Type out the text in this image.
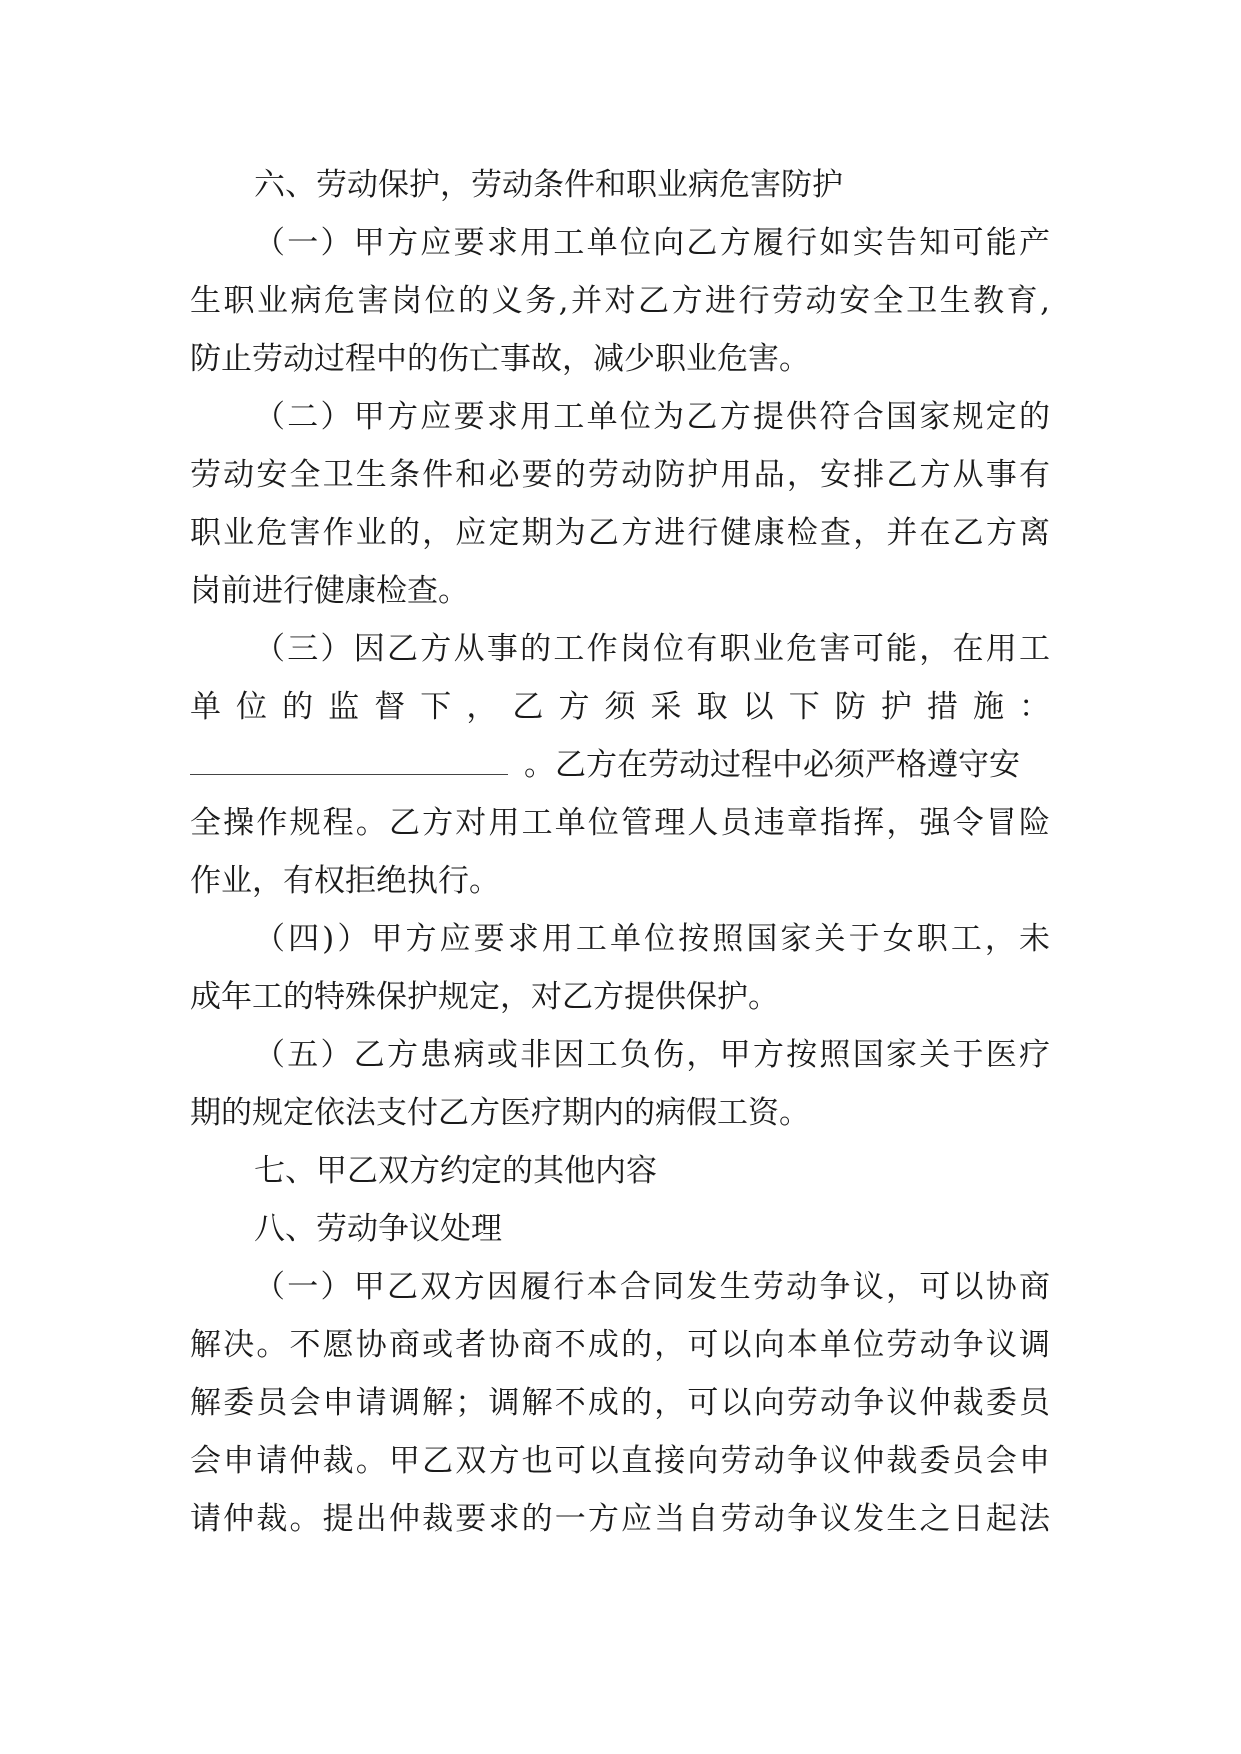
六、劳动保护，劳动条件和职业病危害防护
（一）甲方应要求用工单位向乙方履行如实告知可能产
生职业病危害岗位的义务,并对乙方进行劳动安全卫生教育,
防止劳动过程中的伤亡事故，减少职业危害。
（二）甲方应要求用工单位为乙方提供符合国家规定的
劳动安全卫生条件和必要的劳动防护用品，安排乙方从事有
职业危害作业的，应定期为乙方进行健康检查，并在乙方离
岗前进行健康检查。
（三）因乙方从事的工作岗位有职业危害可能，在用工
单位的监督下，乙方须采取以下防护措施：
。乙方在劳动过程中必须严格遵守安
全操作规程。乙方对用工单位管理人员违章指挥，强令冒险
作业，有权拒绝执行。
（四)）甲方应要求用工单位按照国家关于女职工，未
成年工的特殊保护规定，对乙方提供保护。
（五）乙方患病或非因工负伤，甲方按照国家关于医疗
期的规定依法支付乙方医疗期内的病假工资。
七、甲乙双方约定的其他内容
八、劳动争议处理
（一）甲乙双方因履行本合同发生劳动争议，可以协商
解决。不愿协商或者协商不成的，可以向本单位劳动争议调
解委员会申请调解；调解不成的，可以向劳动争议仲裁委员
会申请仲裁。甲乙双方也可以直接向劳动争议仲裁委员会申
请仲裁。提出仲裁要求的一方应当自劳动争议发生之日起法
